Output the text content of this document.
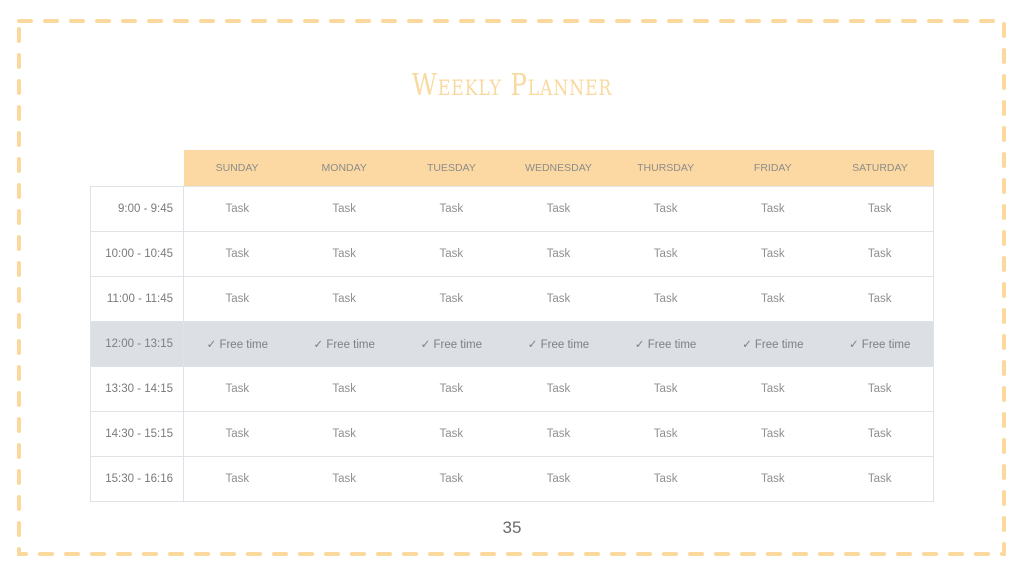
Weekly Planner
	SUNDAY	MONDAY	TUESDAY	WEDNESDAY	THURSDAY	FRIDAY	SATURDAY
9:00 - 9:45	Task	Task	Task	Task	Task	Task	Task
10:00 - 10:45	Task	Task	Task	Task	Task	Task	Task
11:00 - 11:45	Task	Task	Task	Task	Task	Task	Task
12:00 - 13:15	✓ Free time	✓ Free time	✓ Free time	✓ Free time	✓ Free time	✓ Free time	✓ Free time
13:30 - 14:15	Task	Task	Task	Task	Task	Task	Task
14:30 - 15:15	Task	Task	Task	Task	Task	Task	Task
15:30 - 16:16	Task	Task	Task	Task	Task	Task	Task
35
